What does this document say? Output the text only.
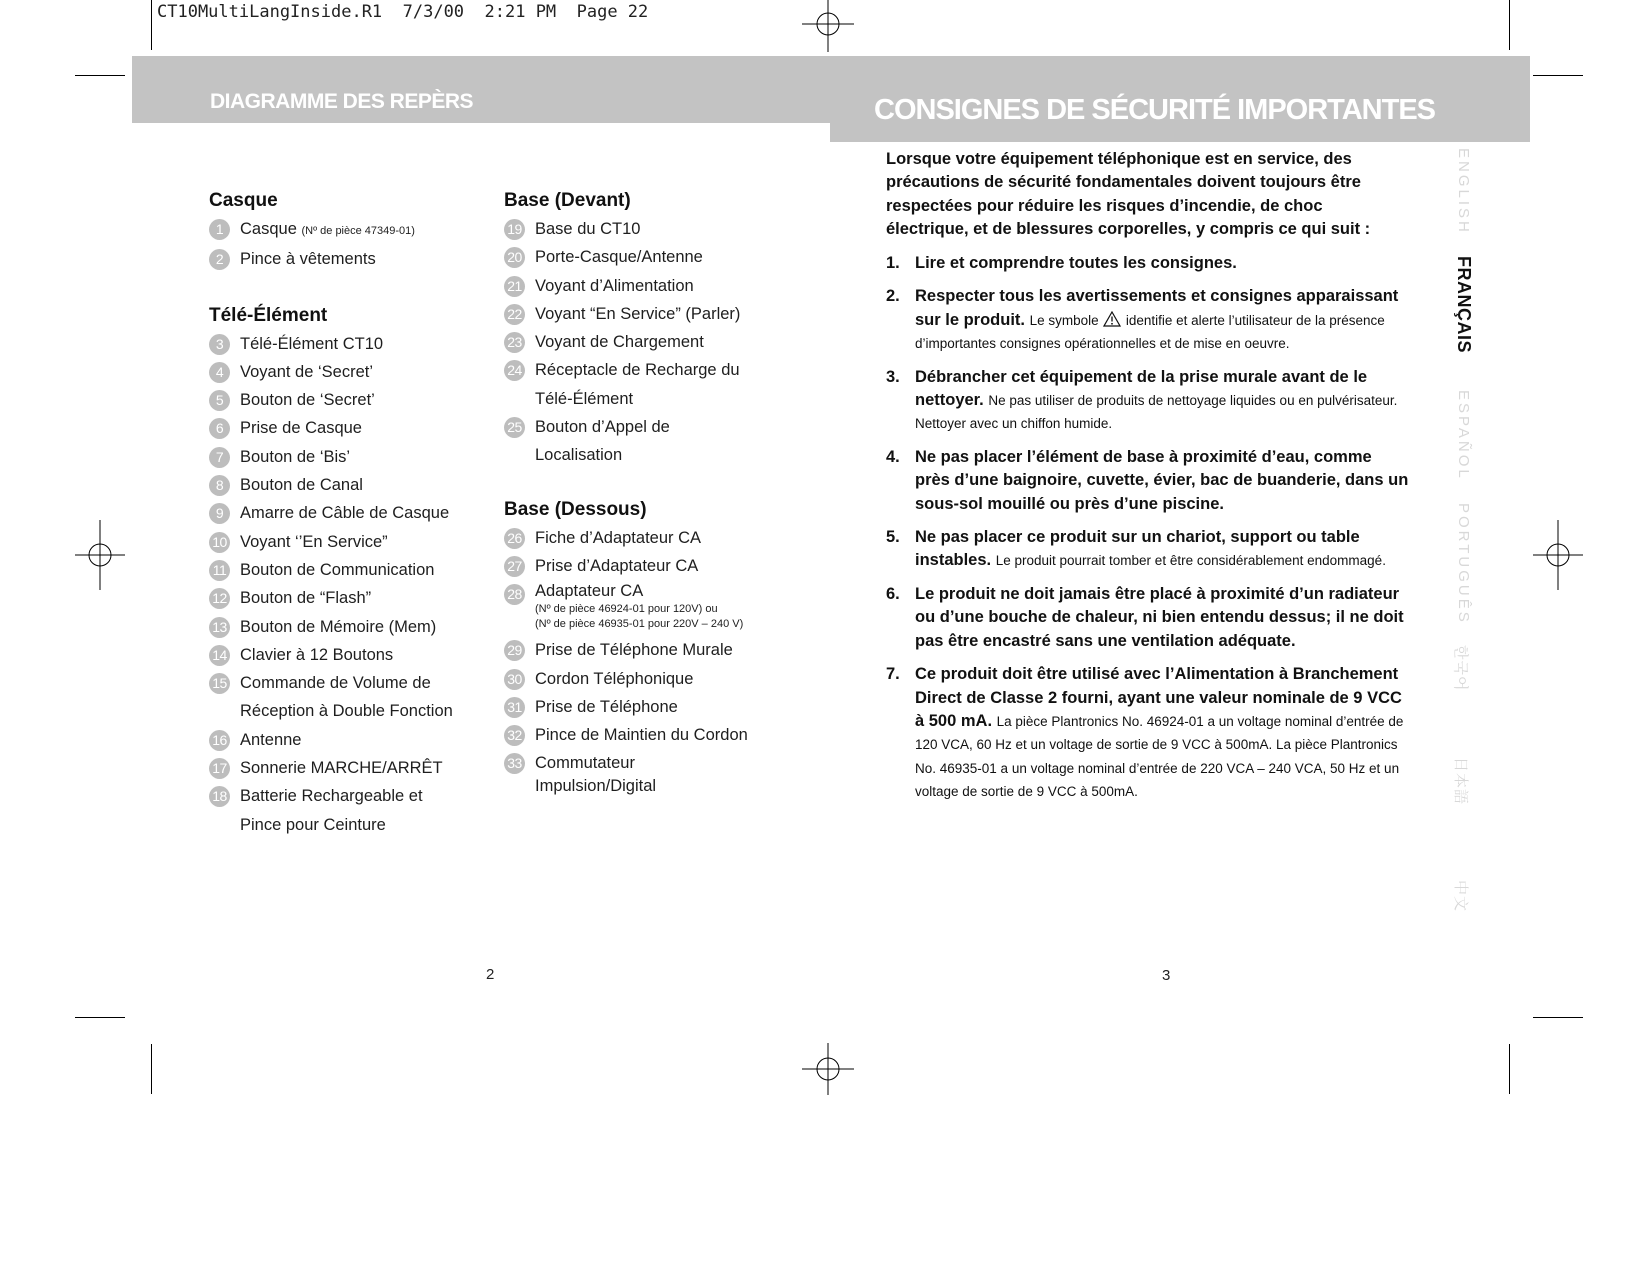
CT10MultiLangInside.R1  7/3/00  2:21 PM  Page 22
DIAGRAMME DES REPÈRS	CONSIGNES DE SÉCURITÉ IMPORTANTES
Casque
1	Casque (Nº de pièce 47349-01)
2	Pince à vêtements
Télé-Élément
3	Télé-Élément CT10
4	Voyant de ‘Secret’
5	Bouton de ‘Secret’
6	Prise de Casque
7	Bouton de ‘Bis’
8	Bouton de Canal
9	Amarre de Câble de Casque
10 Voyant ‘’En Service”
11 Bouton de Communication
12 Bouton de “Flash”
13 Bouton de Mémoire (Mem)
14 Clavier à 12 Boutons
15 Commande de Volume de
Réception à Double Fonction
16 Antenne
17 Sonnerie MARCHE/ARRÊT
18 Batterie Rechargeable et
Pince pour Ceinture
Base (Devant)
19 Base du CT10
20 Porte-Casque/Antenne
21 Voyant d’Alimentation
22 Voyant “En Service” (Parler)
23 Voyant de Chargement
24 Réceptacle de Recharge du
Télé-Élément
25 Bouton d’Appel de
Localisation
Base (Dessous)
26 Fiche d’Adaptateur CA
27 Prise d’Adaptateur CA
28 Adaptateur CA
(Nº de pièce 46924-01 pour 120V) ou
(Nº de pièce 46935-01 pour 220V – 240 V)
29 Prise de Téléphone Murale
30 Cordon Téléphonique
31 Prise de Téléphone
32 Pince de Maintien du Cordon
33 Commutateur
Impulsion/Digital
2
Lorsque votre équipement téléphonique est en service, des précautions de sécurité fondamentales doivent toujours être respectées pour réduire les risques d’incendie, de choc électrique, et de blessures corporelles, y compris ce qui suit :
1. Lire et comprendre toutes les consignes.
2. Respecter tous les avertissements et consignes apparaissant sur le produit. Le symbole identifie et alerte l’utilisateur de la présence d’importantes consignes opérationnelles et de mise en oeuvre.
3. Débrancher cet équipement de la prise murale avant de le nettoyer. Ne pas utiliser de produits de nettoyage liquides ou en pulvérisateur. Nettoyer avec un chiffon humide.
4. Ne pas placer l’élément de base à proximité d’eau, comme près d’une baignoire, cuvette, évier, bac de buanderie, dans un sous-sol mouillé ou près d’une piscine.
5. Ne pas placer ce produit sur un chariot, support ou table instables. Le produit pourrait tomber et être considérablement endommagé.
6. Le produit ne doit jamais être placé à proximité d’un radiateur ou d’une bouche de chaleur, ni bien entendu dessus; il ne doit pas être encastré sans une ventilation adéquate.
7. Ce produit doit être utilisé avec l’Alimentation à Branchement Direct de Classe 2 fourni, ayant une valeur nominale de 9 VCC à 500 mA. La pièce Plantronics No. 46924-01 a un voltage nominal d’entrée de 120 VCA, 60 Hz et un voltage de sortie de 9 VCC à 500mA. La pièce Plantronics No. 46935-01 a un voltage nominal d’entrée de 220 VCA – 240 VCA, 50 Hz et un voltage de sortie de 9 VCC à 500mA.
3
ENGLISH
FRANÇAIS
ESPAÑOL
PORTUGUÊS
한국어
日本語
中文
